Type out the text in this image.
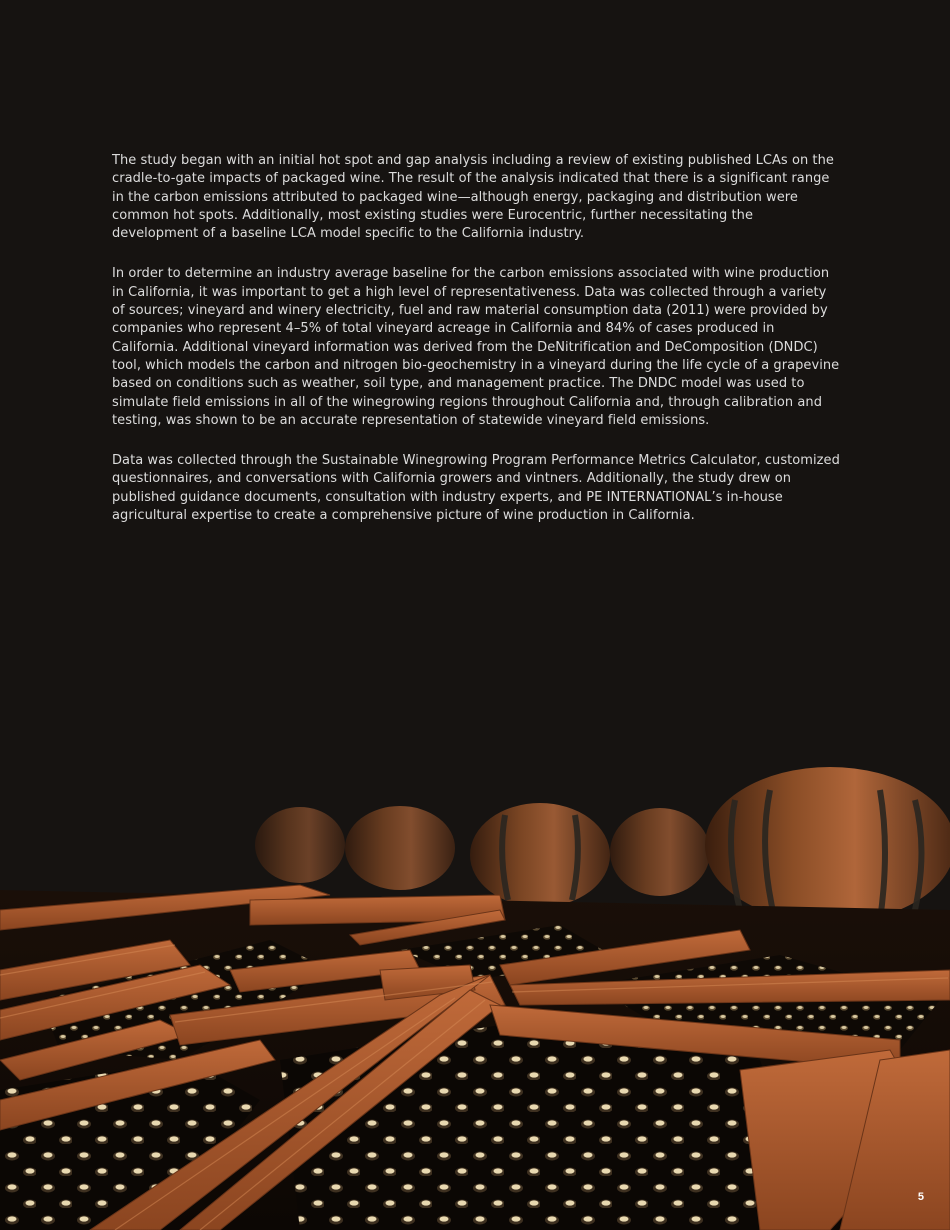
The study began with an initial hot spot and gap analysis including a review of existing published LCAs on the cradle-to-gate impacts of packaged wine. The result of the analysis indicated that there is a significant range in the carbon emissions attributed to packaged wine—although energy, packaging and distribution were common hot spots. Additionally, most existing studies were Eurocentric, further necessitating the development of a baseline LCA model specific to the California industry.

In order to determine an industry average baseline for the carbon emissions associated with wine production in California, it was important to get a high level of representativeness. Data was collected through a variety of sources; vineyard and winery electricity, fuel and raw material consumption data (2011) were provided by companies who represent 4–5% of total vineyard acreage in California and 84% of cases produced in California. Additional vineyard information was derived from the DeNitrification and DeComposition (DNDC) tool, which models the carbon and nitrogen bio-geochemistry in a vineyard during the life cycle of a grapevine based on conditions such as weather, soil type, and management practice. The DNDC model was used to simulate field emissions in all of the winegrowing regions throughout California and, through calibration and testing, was shown to be an accurate representation of statewide vineyard field emissions.

Data was collected through the Sustainable Winegrowing Program Performance Metrics Calculator, customized questionnaires, and conversations with California growers and vintners. Additionally, the study drew on published guidance documents, consultation with industry experts, and PE INTERNATIONAL’s in-house agricultural expertise to create a comprehensive picture of wine production in California.

5
